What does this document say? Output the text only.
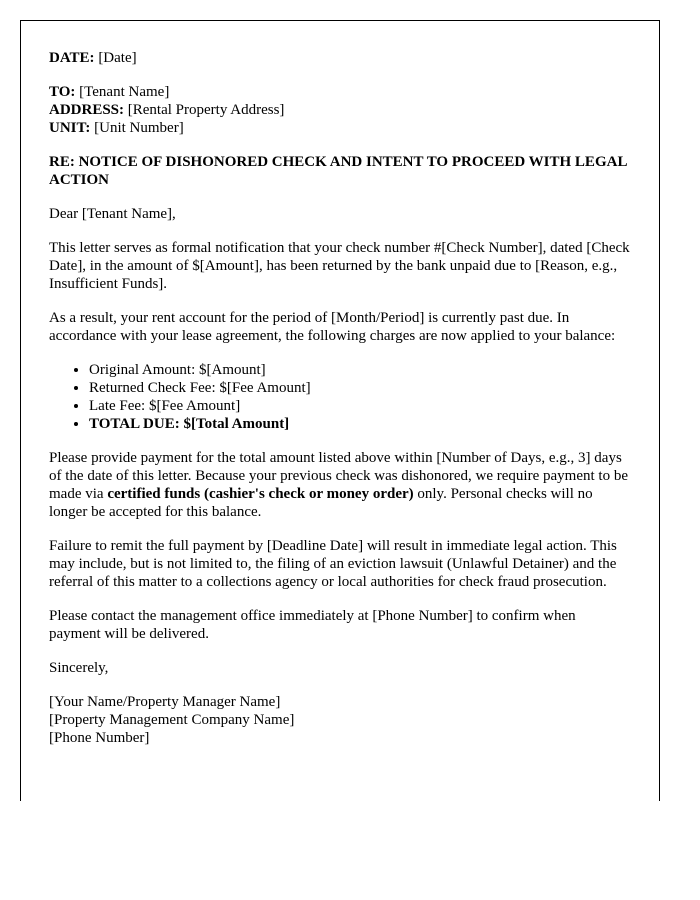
DATE: [Date]
TO: [Tenant Name]
ADDRESS: [Rental Property Address]
UNIT: [Unit Number]

RE: NOTICE OF DISHONORED CHECK AND INTENT TO PROCEED WITH LEGAL ACTION

Dear [Tenant Name],

This letter serves as formal notification that your check number #[Check Number], dated [Check Date], in the amount of $[Amount], has been returned by the bank unpaid due to [Reason, e.g., Insufficient Funds].

As a result, your rent account for the period of [Month/Period] is currently past due. In accordance with your lease agreement, the following charges are now applied to your balance:

• Original Amount: $[Amount]
• Returned Check Fee: $[Fee Amount]
• Late Fee: $[Fee Amount]
• TOTAL DUE: $[Total Amount]

Please provide payment for the total amount listed above within [Number of Days, e.g., 3] days of the date of this letter. Because your previous check was dishonored, we require payment to be made via certified funds (cashier's check or money order) only. Personal checks will no longer be accepted for this balance.

Failure to remit the full payment by [Deadline Date] will result in immediate legal action. This may include, but is not limited to, the filing of an eviction lawsuit (Unlawful Detainer) and the referral of this matter to a collections agency or local authorities for check fraud prosecution.

Please contact the management office immediately at [Phone Number] to confirm when payment will be delivered.

Sincerely,

[Your Name/Property Manager Name]
[Property Management Company Name]
[Phone Number]
